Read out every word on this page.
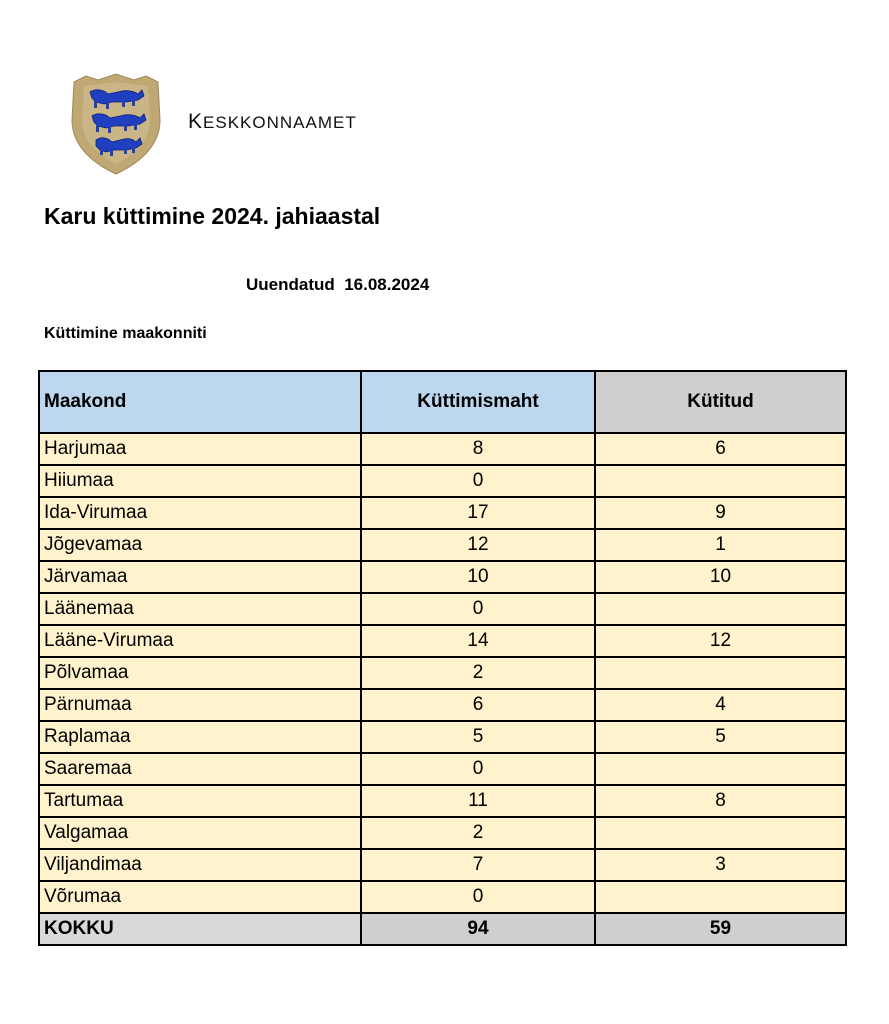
KESKKONNAAMET
Karu küttimine 2024. jahiaastal
Uuendatud  16.08.2024
Küttimine maakonniti
Maakond	Küttimismaht	Kütitud
Harjumaa	8	6
Hiiumaa	0	
Ida-Virumaa	17	9
Jõgevamaa	12	1
Järvamaa	10	10
Läänemaa	0	
Lääne-Virumaa	14	12
Põlvamaa	2	
Pärnumaa	6	4
Raplamaa	5	5
Saaremaa	0	
Tartumaa	11	8
Valgamaa	2	
Viljandimaa	7	3
Võrumaa	0	
KOKKU	94	59
